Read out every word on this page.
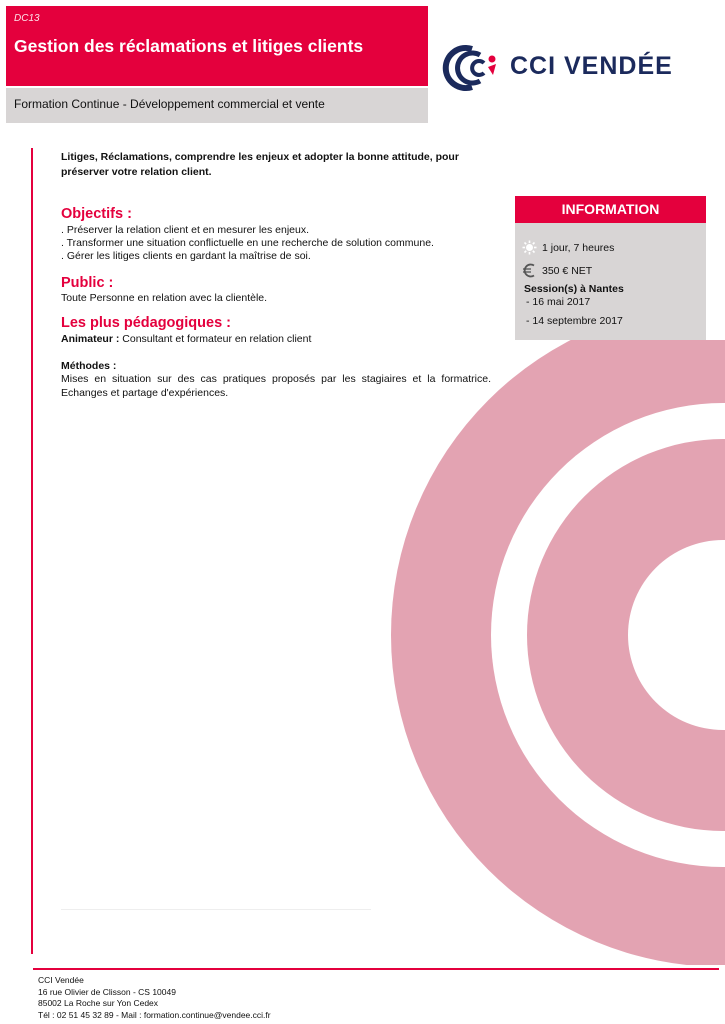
DC13
Gestion des réclamations et litiges clients
Formation Continue - Développement commercial et vente
CCI VENDÉE
Litiges, Réclamations, comprendre les enjeux et adopter la bonne attitude, pour préserver votre relation client.
Objectifs :
. Préserver la relation client et en mesurer les enjeux.
. Transformer une situation conflictuelle en une recherche de solution commune.
. Gérer les litiges clients en gardant la maîtrise de soi.
Public :
Toute Personne en relation avec la clientèle.
Les plus pédagogiques :
Animateur : Consultant et formateur en relation client
Méthodes :
Mises en situation sur des cas pratiques proposés par les stagiaires et la formatrice. Echanges et partage d'expériences.
INFORMATION
1 jour, 7 heures
350 € NET
Session(s) à Nantes
- 16 mai 2017
- 14 septembre 2017
CCI Vendée
16 rue Olivier de Clisson - CS 10049
85002 La Roche sur Yon Cedex
Tél : 02 51 45 32 89 - Mail : formation.continue@vendee.cci.fr
